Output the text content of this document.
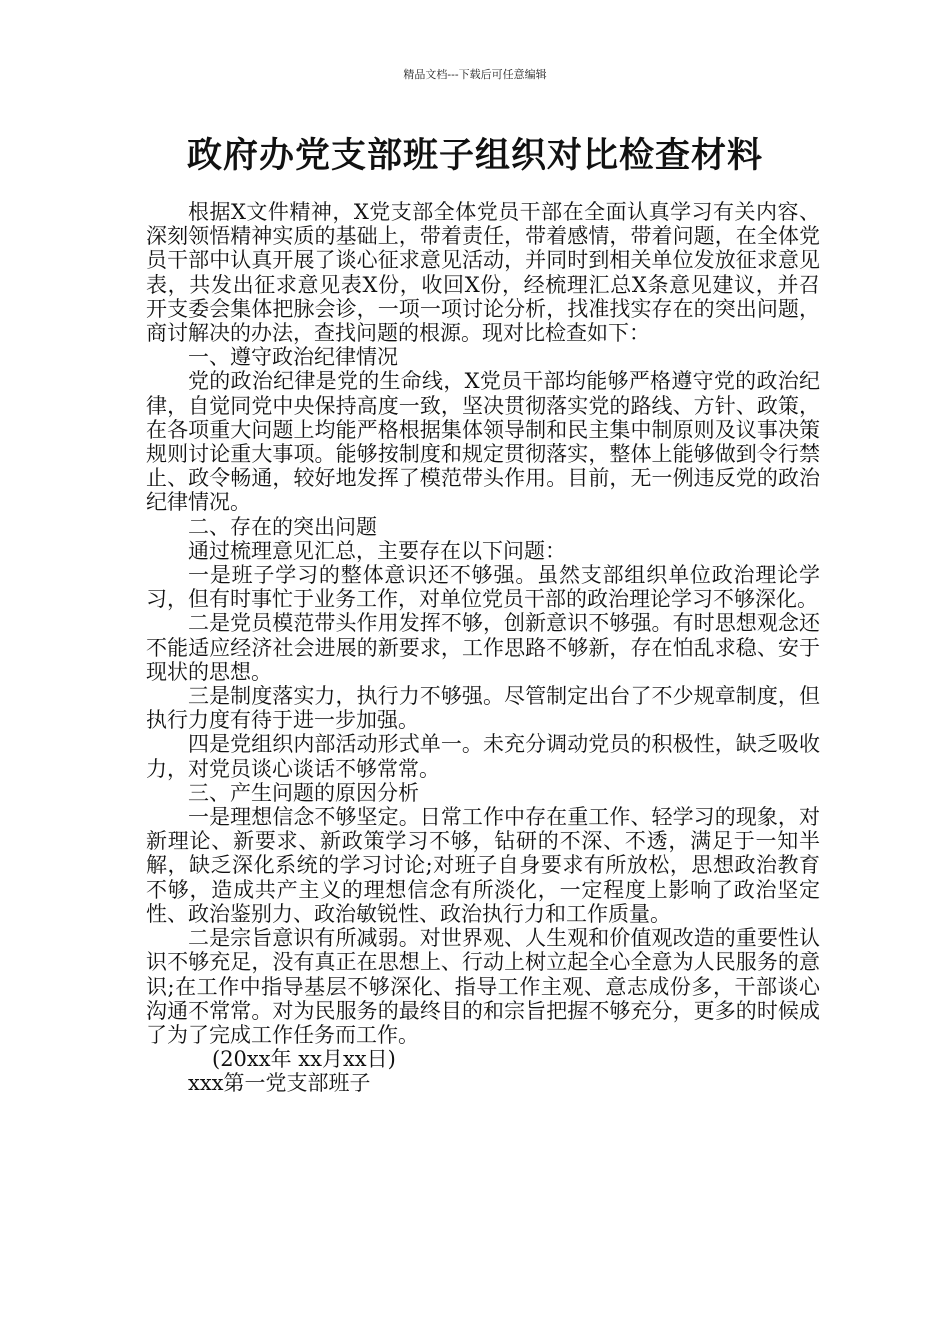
精品文档---下载后可任意编辑
政府办党支部班子组织对比检查材料

根据X文件精神，X党支部全体党员干部在全面认真学习有关内容、深刻领悟精神实质的基础上，带着责任，带着感情，带着问题，在全体党员干部中认真开展了谈心征求意见活动，并同时到相关单位发放征求意见表，共发出征求意见表X份，收回X份，经梳理汇总X条意见建议，并召开支委会集体把脉会诊，一项一项讨论分析，找准找实存在的突出问题，商讨解决的办法，查找问题的根源。现对比检查如下：

一、遵守政治纪律情况

党的政治纪律是党的生命线，X党员干部均能够严格遵守党的政治纪律，自觉同党中央保持高度一致，坚决贯彻落实党的路线、方针、政策，在各项重大问题上均能严格根据集体领导制和民主集中制原则及议事决策规则讨论重大事项。能够按制度和规定贯彻落实，整体上能够做到令行禁止、政令畅通，较好地发挥了模范带头作用。目前，无一例违反党的政治纪律情况。

二、存在的突出问题

通过梳理意见汇总，主要存在以下问题：

一是班子学习的整体意识还不够强。虽然支部组织单位政治理论学习，但有时事忙于业务工作，对单位党员干部的政治理论学习不够深化。

二是党员模范带头作用发挥不够，创新意识不够强。有时思想观念还不能适应经济社会进展的新要求，工作思路不够新，存在怕乱求稳、安于现状的思想。

三是制度落实力，执行力不够强。尽管制定出台了不少规章制度，但执行力度有待于进一步加强。

四是党组织内部活动形式单一。未充分调动党员的积极性，缺乏吸收力，对党员谈心谈话不够常常。

三、产生问题的原因分析

一是理想信念不够坚定。日常工作中存在重工作、轻学习的现象，对新理论、新要求、新政策学习不够，钻研的不深、不透，满足于一知半解，缺乏深化系统的学习讨论;对班子自身要求有所放松，思想政治教育不够，造成共产主义的理想信念有所淡化，一定程度上影响了政治坚定性、政治鉴别力、政治敏锐性、政治执行力和工作质量。

二是宗旨意识有所减弱。对世界观、人生观和价值观改造的重要性认识不够充足，没有真正在思想上、行动上树立起全心全意为人民服务的意识;在工作中指导基层不够深化、指导工作主观、意志成份多，干部谈心沟通不常常。对为民服务的最终目的和宗旨把握不够充分，更多的时候成了为了完成工作任务而工作。

(20xx年 xx月xx日)

xxx第一党支部班子
